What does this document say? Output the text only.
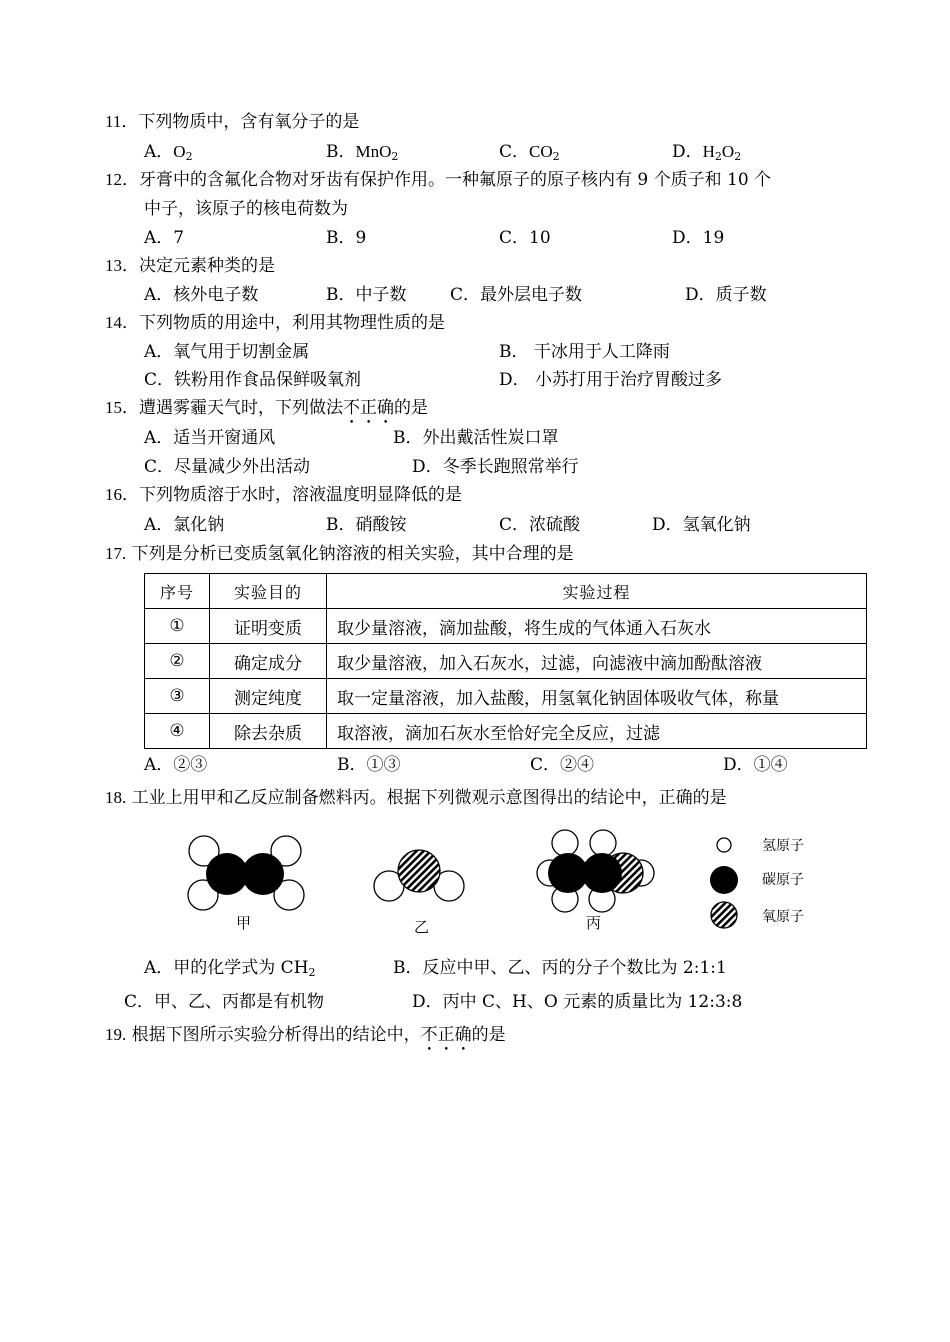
11．下列物质中，含有氧分子的是
A．$O_2$	B．MnO$_2$	C．$CO_2$	D．$H_2O_2$
12．牙膏中的含氟化合物对牙齿有保护作用。一种氟原子的原子核内有 9 个质子和 10 个
中子，该原子的核电荷数为
A．7	B．9	C．10	D．19
13．决定元素种类的是
A．核外电子数	B．中子数	C．最外层电子数	D．质子数
14．下列物质的用途中，利用其物理性质的是
A．氧气用于切割金属	B． 干冰用于人工降雨
C．铁粉用作食品保鲜吸氧剂	D． 小苏打用于治疗胃酸过多
15．遭遇雾霾天气时，下列做法不正确的是
A．适当开窗通风	B．外出戴活性炭口罩
C．尽量减少外出活动	D．冬季长跑照常举行
16．下列物质溶于水时，溶液温度明显降低的是
A．氯化钠	B．硝酸铵	C．浓硫酸	D．氢氧化钠
17. 下列是分析已变质氢氧化钠溶液的相关实验，其中合理的是
序号	实验目的	实验过程
①	证明变质	取少量溶液，滴加盐酸，将生成的气体通入石灰水
②	确定成分	取少量溶液，加入石灰水，过滤，向滤液中滴加酚酞溶液
③	测定纯度	取一定量溶液，加入盐酸，用氢氧化钠固体吸收气体，称量
④	除去杂质	取溶液，滴加石灰水至恰好完全反应，过滤
A．②③	B．①③	C．②④	D．①④
18. 工业上用甲和乙反应制备燃料丙。根据下列微观示意图得出的结论中，正确的是
甲	乙	丙
氢原子
碳原子
氧原子
A．甲的化学式为 $CH_2$	B．反应中甲、乙、丙的分子个数比为 2:1:1
C．甲、乙、丙都是有机物	D．丙中 C、H、O 元素的质量比为 12:3:8
19. 根据下图所示实验分析得出的结论中，不正确的是
